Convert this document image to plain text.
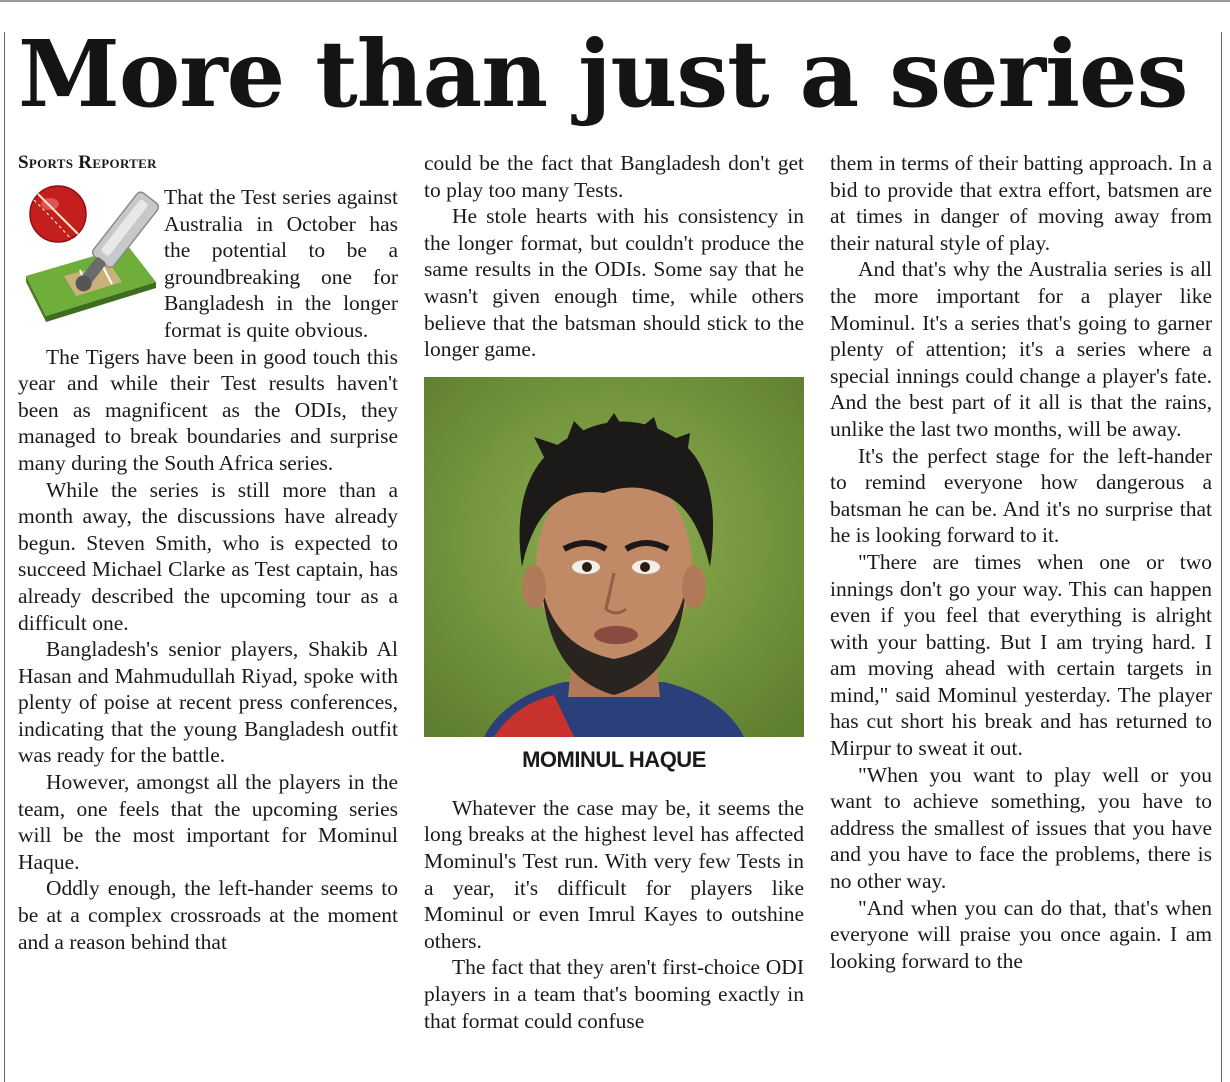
More than just a series
Sports Reporter

That the Test series against Australia in October has the potential to be a groundbreaking one for Bangladesh in the longer format is quite obvious.

The Tigers have been in good touch this year and while their Test results haven't been as magnificent as the ODIs, they managed to break boundaries and surprise many during the South Africa series.

While the series is still more than a month away, the discussions have already begun. Steven Smith, who is expected to succeed Michael Clarke as Test captain, has already described the upcoming tour as a difficult one.

Bangladesh's senior players, Shakib Al Hasan and Mahmudullah Riyad, spoke with plenty of poise at recent press conferences, indicating that the young Bangladesh outfit was ready for the battle.

However, amongst all the players in the team, one feels that the upcoming series will be the most important for Mominul Haque.

Oddly enough, the left-hander seems to be at a complex crossroads at the moment and a reason behind that

could be the fact that Bangladesh don't get to play too many Tests.

He stole hearts with his consistency in the longer format, but couldn't produce the same results in the ODIs. Some say that he wasn't given enough time, while others believe that the batsman should stick to the longer game.

MOMINUL HAQUE

Whatever the case may be, it seems the long breaks at the highest level has affected Mominul's Test run. With very few Tests in a year, it's difficult for players like Mominul or even Imrul Kayes to outshine others.

The fact that they aren't first-choice ODI players in a team that's booming exactly in that format could confuse

them in terms of their batting approach. In a bid to provide that extra effort, batsmen are at times in danger of moving away from their natural style of play.

And that's why the Australia series is all the more important for a player like Mominul. It's a series that's going to garner plenty of attention; it's a series where a special innings could change a player's fate. And the best part of it all is that the rains, unlike the last two months, will be away.

It's the perfect stage for the left-hander to remind everyone how dangerous a batsman he can be. And it's no surprise that he is looking forward to it.

"There are times when one or two innings don't go your way. This can happen even if you feel that everything is alright with your batting. But I am trying hard. I am moving ahead with certain targets in mind," said Mominul yesterday. The player has cut short his break and has returned to Mirpur to sweat it out.

"When you want to play well or you want to achieve something, you have to address the smallest of issues that you have and you have to face the problems, there is no other way.

"And when you can do that, that's when everyone will praise you once again. I am looking forward to the
